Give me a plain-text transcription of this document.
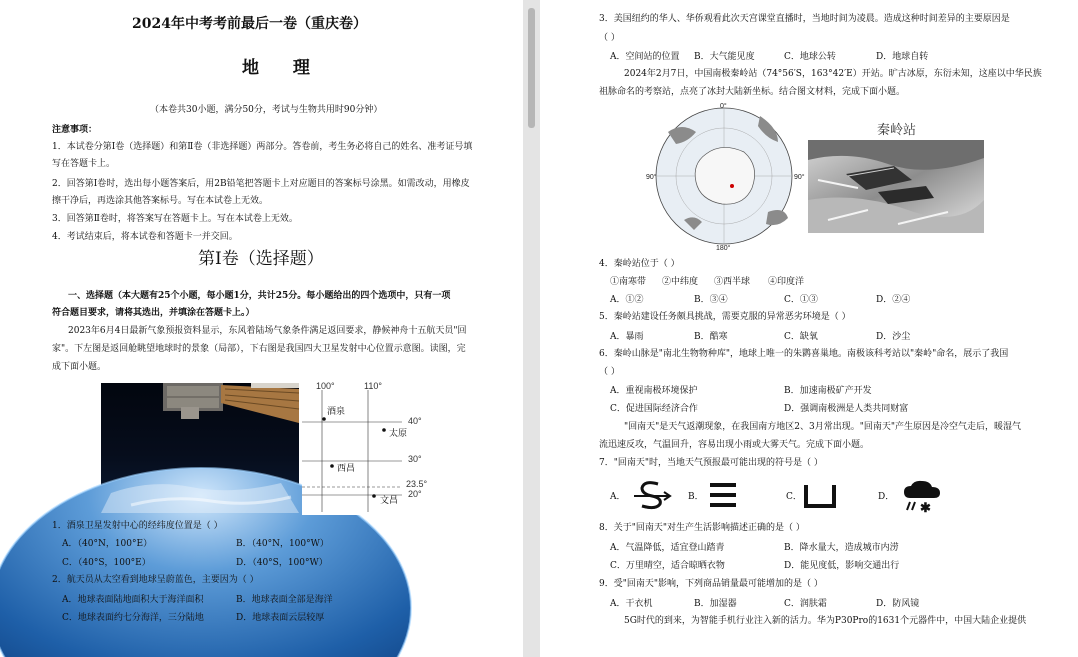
2024年中考考前最后一卷（重庆卷）
地 理
（本卷共30小题，满分50分，考试与生物共用时90分钟）
注意事项：
1．本试卷分第Ⅰ卷（选择题）和第Ⅱ卷（非选择题）两部分。答卷前，考生务必将自己的姓名、准考证号填
写在答题卡上。
2．回答第Ⅰ卷时，选出每小题答案后，用2B铅笔把答题卡上对应题目的答案标号涂黑。如需改动，用橡皮
擦干净后，再选涂其他答案标号。写在本试卷上无效。
3．回答第Ⅱ卷时，将答案写在答题卡上。写在本试卷上无效。
4．考试结束后，将本试卷和答题卡一并交回。
第Ⅰ卷（选择题）
一、选择题（本大题有25个小题，每小题1分，共计25分。每小题给出的四个选项中，只有一项
符合题目要求，请将其选出，并填涂在答题卡上。）
2023年6月4日最新气象预报资料显示，东风着陆场气象条件满足返回要求，静候神舟十五航天员"回
家"。下左图是返回舱眺望地球时的景象（局部），下右图是我国四大卫星发射中心位置示意图。读图，完
成下面小题。
100°	110°
40°
30°
23.5°
20°
酒泉
太原
西昌
文昌
1．酒泉卫星发射中心的经纬度位置是（ ）
A．（40°N，100°E）	B．（40°N，100°W）
C．（40°S，100°E）	D．（40°S，100°W）
2．航天员从太空看到地球呈蔚蓝色，主要因为（ ）
A．地球表面陆地面积大于海洋面积	B．地球表面全部是海洋
C．地球表面约七分海洋，三分陆地	D．地球表面云层较厚
3．美国纽约的华人、华侨观看此次天宫课堂直播时，当地时间为凌晨。造成这种时间差异的主要原因是
（ ）
A．空间站的位置 B．大气能见度	C．地球公转	D．地球自转
2024年2月7日，中国南极秦岭站（74°56′S，163°42′E）开站。旷古冰原，东衍未知，这座以中华民族
祖脉命名的考察站，点亮了冰封大陆新坐标。结合图文材料，完成下面小题。
0°
90°	90°
180°
秦岭站
4．秦岭站位于（ ）
①南寒带 ②中纬度 ③西半球 ④印度洋
A．①②	B．③④	C．①③	D．②④
5．秦岭站建设任务颇具挑战，需要克服的异常恶劣环境是（ ）
A．暴雨	B．酷寒	C．缺氧	D．沙尘
6．秦岭山脉是"南北生物物种库"，地球上唯一的朱鹮喜巢地。南极该科考站以"秦岭"命名，展示了我国
（ ）
A．重视南极环境保护	B．加速南极矿产开发
C．促进国际经济合作	D．强调南极洲是人类共同财富
"回南天"是天气返潮现象，在我国南方地区2、3月常出现。"回南天"产生原因是冷空气走后，暖湿气
流迅速反攻，气温回升，容易出现小雨或大雾天气。完成下面小题。
7．"回南天"时，当地天气预报最可能出现的符号是（ ）
A．	B．	C．	D．
✱
8．关于"回南天"对生产生活影响描述正确的是（ ）
A．气温降低，适宜登山踏青	B．降水量大，造成城市内涝
C．万里晴空，适合晾晒衣物	D．能见度低，影响交通出行
9．受"回南天"影响，下列商品销量最可能增加的是（ ）
A．干衣机	B．加湿器	C．润肤霜	D．防风镜
5G时代的到来，为智能手机行业注入新的活力。华为P30Pro的1631个元器件中，中国大陆企业提供
